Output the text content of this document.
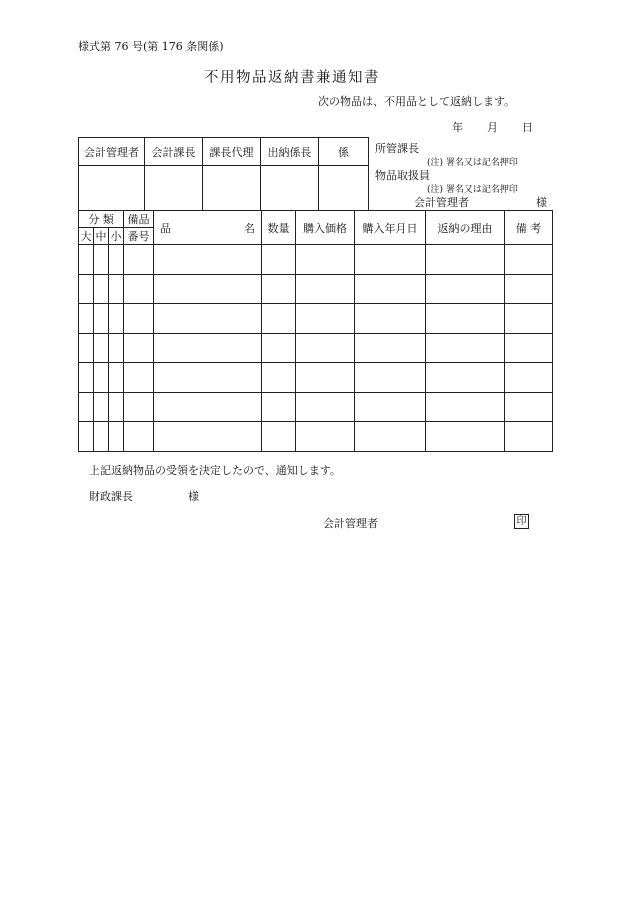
様式第 76 号(第 176 条関係)
不用物品返納書兼通知書
次の物品は、不用品として返納します。
年 月 日
会計管理者	会計課長	課長代理	出納係長	係
				所管課長
(注) 署名又は記名押印
物品取扱員
(注) 署名又は記名押印
会計管理者	様
分 類			備品	品 名	数量	購入価格	購入年月日	返納の理由	備 考
大	中	小	番号						

上記返納物品の受領を決定したので、通知します。
財政課長	様
会計管理者	印
